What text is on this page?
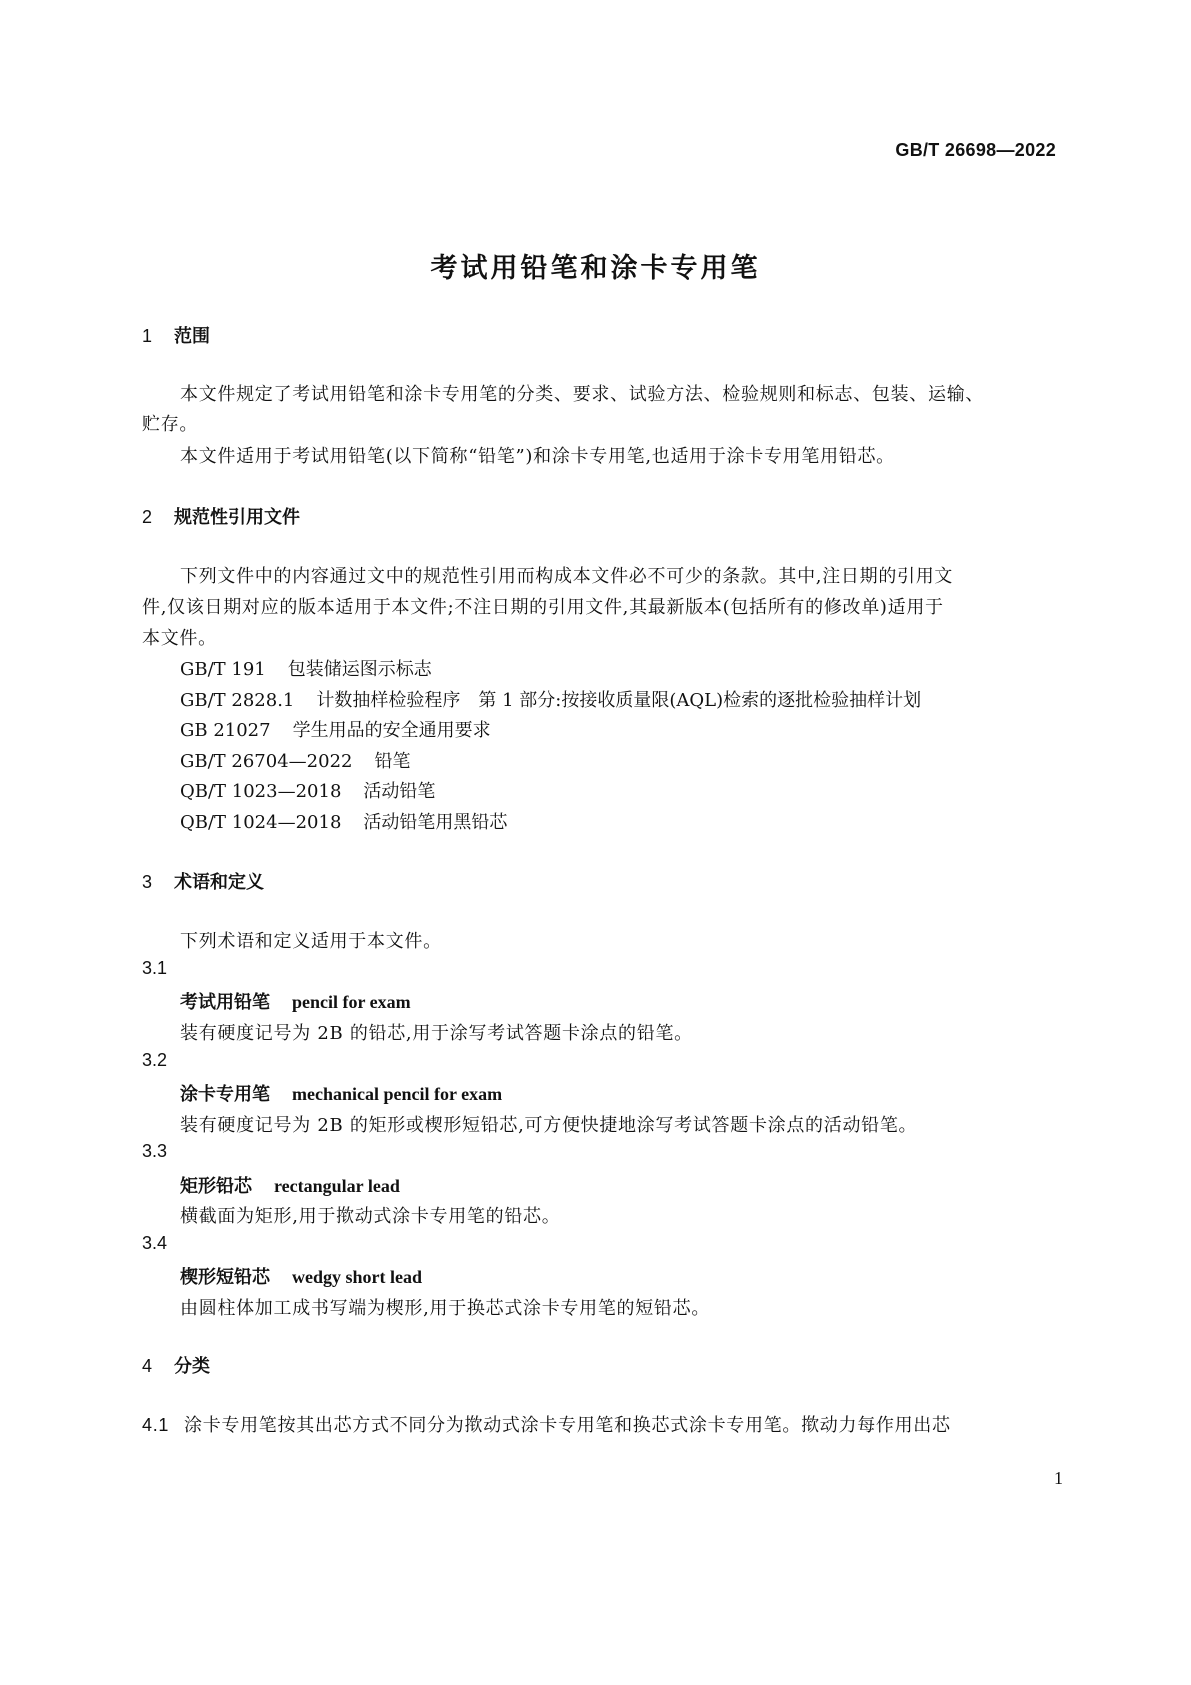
GB/T 26698—2022
考试用铅笔和涂卡专用笔
1 范围
本文件规定了考试用铅笔和涂卡专用笔的分类、要求、试验方法、检验规则和标志、包装、运输、
贮存。
本文件适用于考试用铅笔(以下简称“铅笔”)和涂卡专用笔,也适用于涂卡专用笔用铅芯。
2 规范性引用文件
下列文件中的内容通过文中的规范性引用而构成本文件必不可少的条款。其中,注日期的引用文
件,仅该日期对应的版本适用于本文件;不注日期的引用文件,其最新版本(包括所有的修改单)适用于
本文件。
GB/T 191 包装储运图示标志
GB/T 2828.1 计数抽样检验程序　第 1 部分:按接收质量限(AQL)检索的逐批检验抽样计划
GB 21027 学生用品的安全通用要求
GB/T 26704—2022 铅笔
QB/T 1023—2018 活动铅笔
QB/T 1024—2018 活动铅笔用黑铅芯
3 术语和定义
下列术语和定义适用于本文件。
3.1
考试用铅笔 pencil for exam
装有硬度记号为 2B 的铅芯,用于涂写考试答题卡涂点的铅笔。
3.2
涂卡专用笔 mechanical pencil for exam
装有硬度记号为 2B 的矩形或楔形短铅芯,可方便快捷地涂写考试答题卡涂点的活动铅笔。
3.3
矩形铅芯 rectangular lead
横截面为矩形,用于揿动式涂卡专用笔的铅芯。
3.4
楔形短铅芯 wedgy short lead
由圆柱体加工成书写端为楔形,用于换芯式涂卡专用笔的短铅芯。
4 分类
4.1 涂卡专用笔按其出芯方式不同分为揿动式涂卡专用笔和换芯式涂卡专用笔。揿动力每作用出芯
1
